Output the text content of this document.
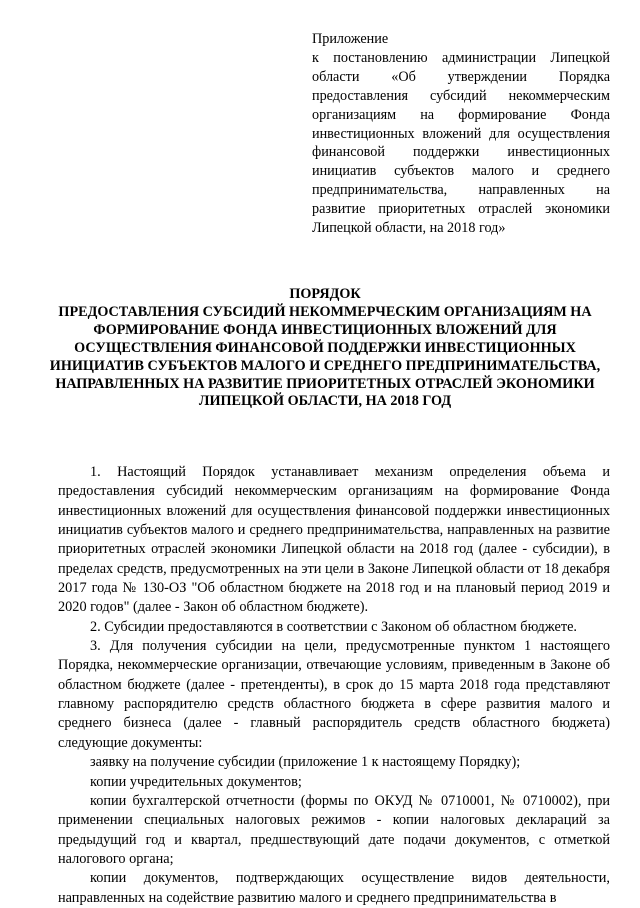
Приложение
к постановлению администрации Липецкой области «Об утверждении Порядка предоставления субсидий некоммерческим организациям на формирование Фонда инвестиционных вложений для осуществления финансовой поддержки инвестиционных инициатив субъектов малого и среднего предпринимательства, направленных на развитие приоритетных отраслей экономики Липецкой области, на 2018 год»
ПОРЯДОК
ПРЕДОСТАВЛЕНИЯ СУБСИДИЙ НЕКОММЕРЧЕСКИМ ОРГАНИЗАЦИЯМ НА ФОРМИРОВАНИЕ ФОНДА ИНВЕСТИЦИОННЫХ ВЛОЖЕНИЙ ДЛЯ ОСУЩЕСТВЛЕНИЯ ФИНАНСОВОЙ ПОДДЕРЖКИ ИНВЕСТИЦИОННЫХ ИНИЦИАТИВ СУБЪЕКТОВ МАЛОГО И СРЕДНЕГО ПРЕДПРИНИМАТЕЛЬСТВА, НАПРАВЛЕННЫХ НА РАЗВИТИЕ ПРИОРИТЕТНЫХ ОТРАСЛЕЙ ЭКОНОМИКИ ЛИПЕЦКОЙ ОБЛАСТИ, НА 2018 ГОД

1. Настоящий Порядок устанавливает механизм определения объема и предоставления субсидий некоммерческим организациям на формирование Фонда инвестиционных вложений для осуществления финансовой поддержки инвестиционных инициатив субъектов малого и среднего предпринимательства, направленных на развитие приоритетных отраслей экономики Липецкой области на 2018 год (далее - субсидии), в пределах средств, предусмотренных на эти цели в Законе Липецкой области от 18 декабря 2017 года № 130-ОЗ "Об областном бюджете на 2018 год и на плановый период 2019 и 2020 годов" (далее - Закон об областном бюджете).

2. Субсидии предоставляются в соответствии с Законом об областном бюджете.

3. Для получения субсидии на цели, предусмотренные пунктом 1 настоящего Порядка, некоммерческие организации, отвечающие условиям, приведенным в Законе об областном бюджете (далее - претенденты), в срок до 15 марта 2018 года представляют главному распорядителю средств областного бюджета в сфере развития малого и среднего бизнеса (далее - главный распорядитель средств областного бюджета) следующие документы:

заявку на получение субсидии (приложение 1 к настоящему Порядку);

копии учредительных документов;

копии бухгалтерской отчетности (формы по ОКУД № 0710001, № 0710002), при применении специальных налоговых режимов - копии налоговых деклараций за предыдущий год и квартал, предшествующий дате подачи документов, с отметкой налогового органа;

копии документов, подтверждающих осуществление видов деятельности, направленных на содействие развитию малого и среднего предпринимательства в
